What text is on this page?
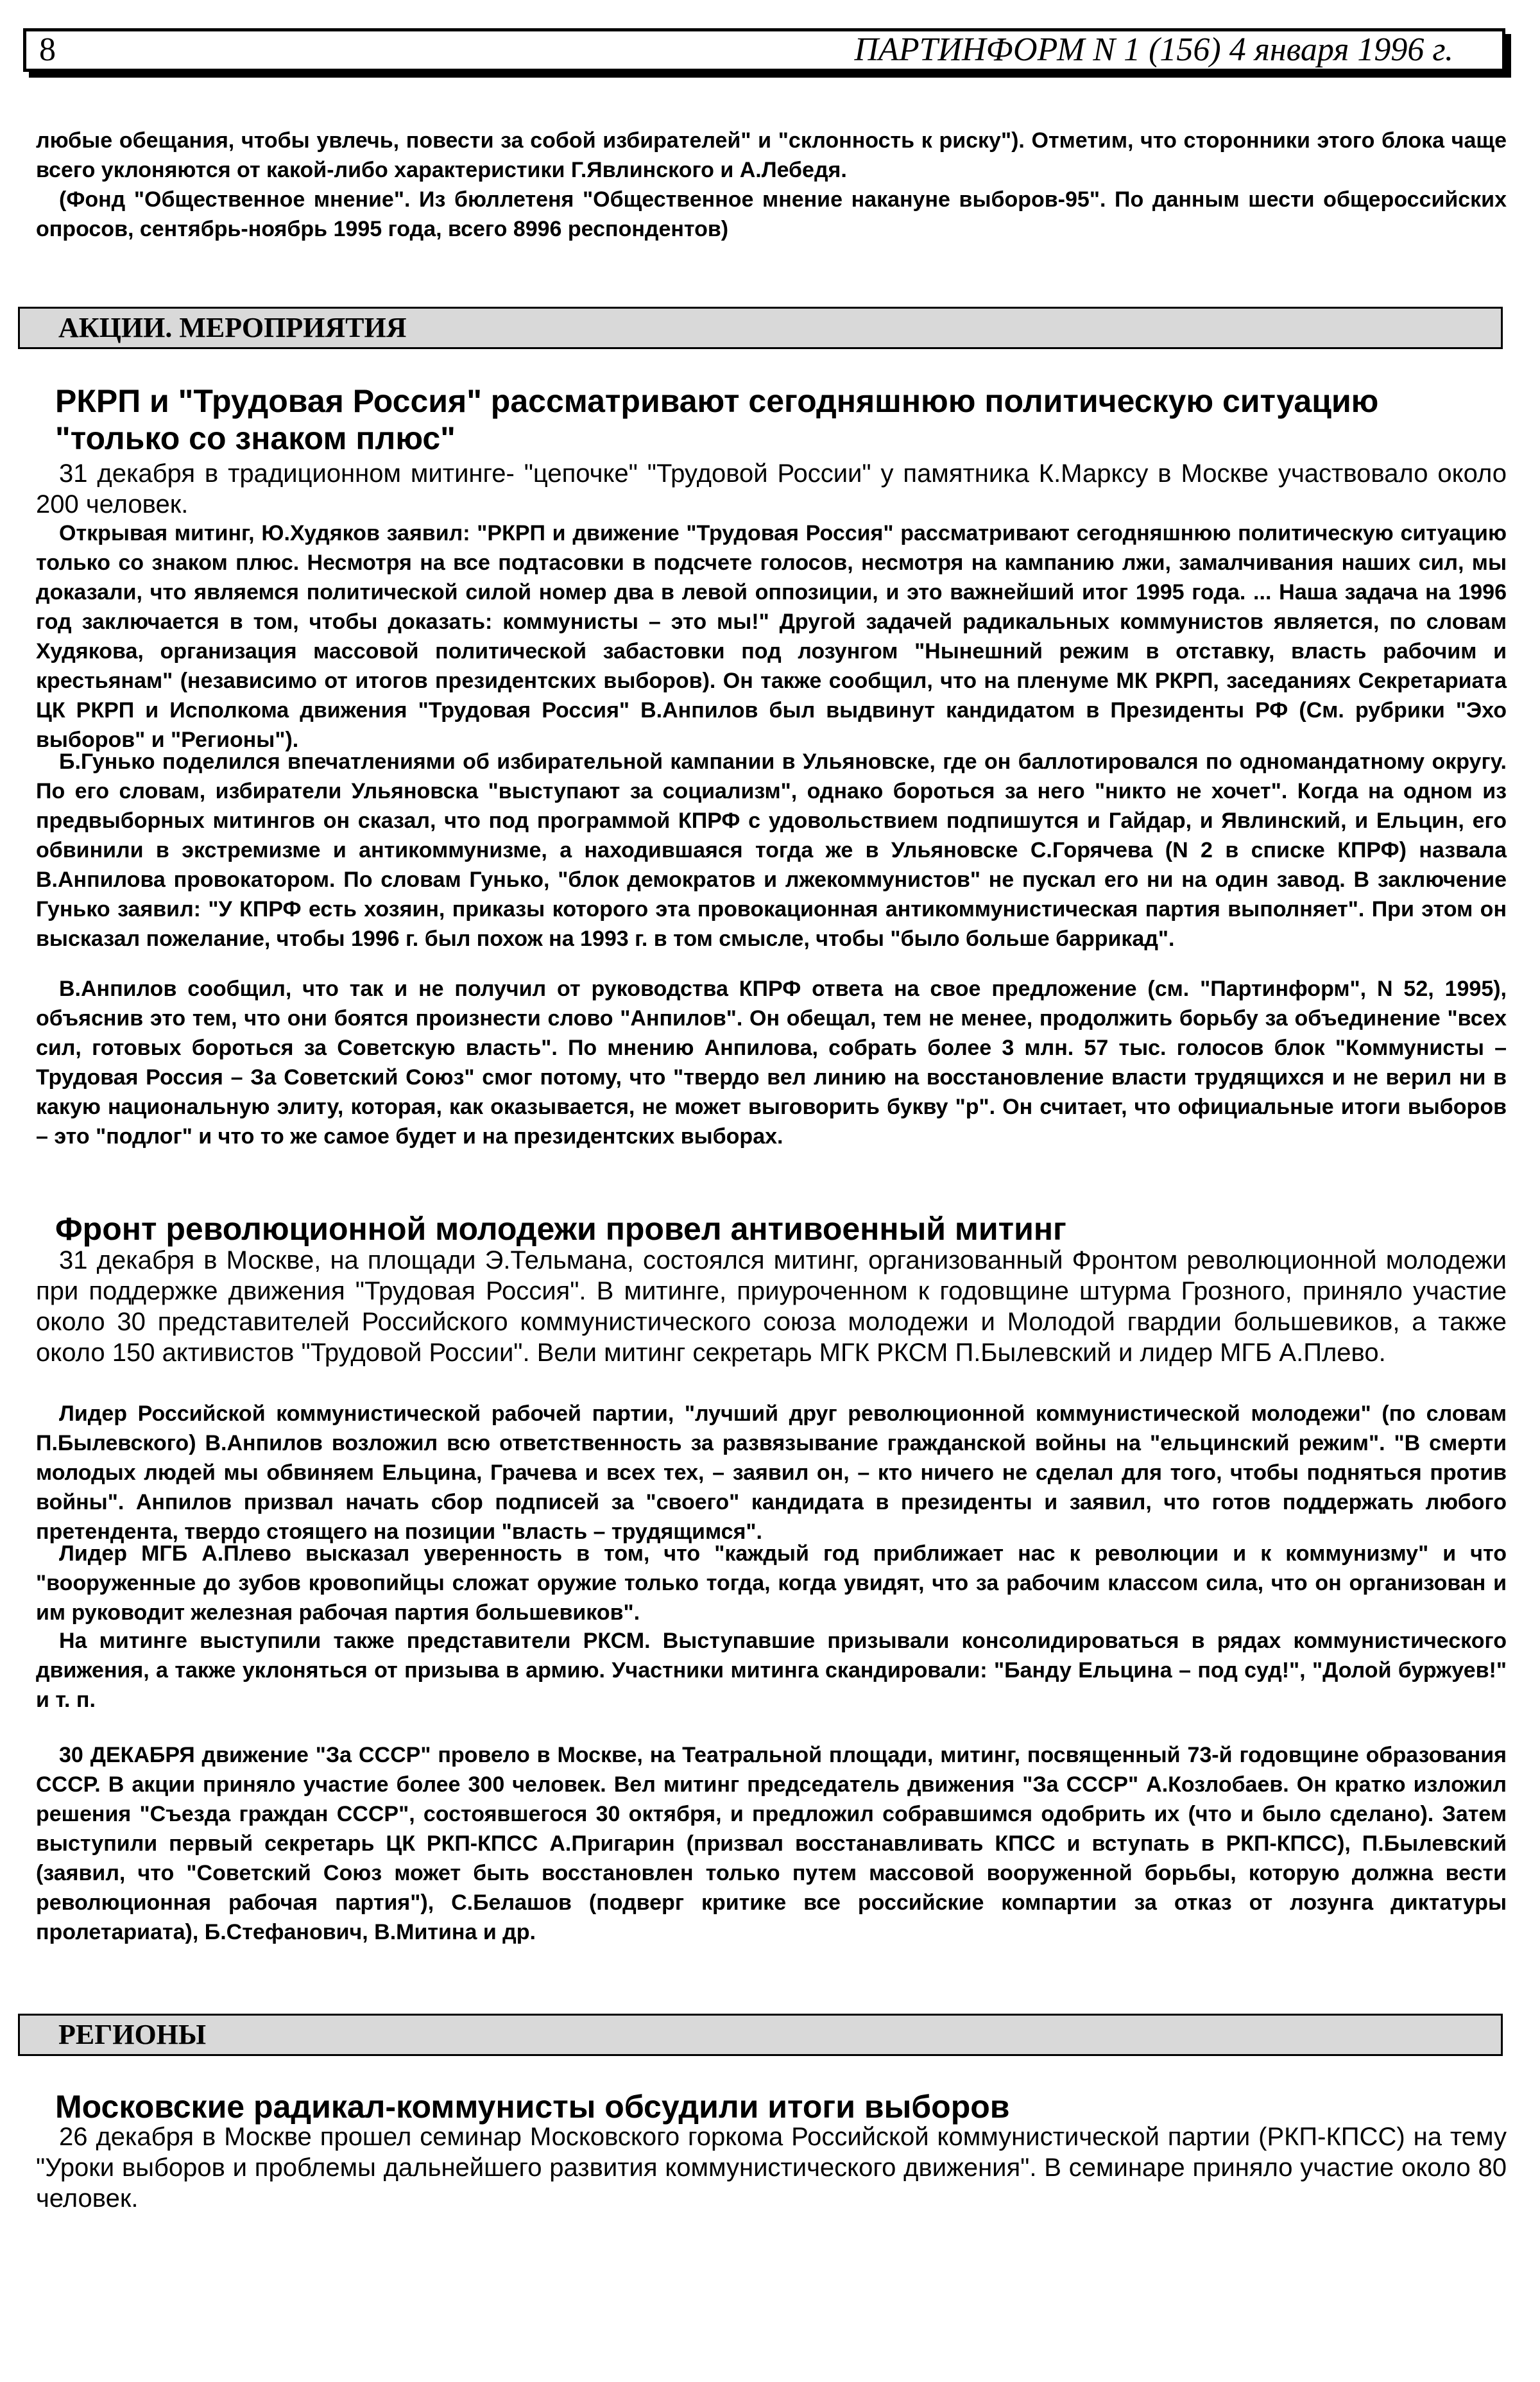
8	ПАРТИНФОРМ N 1 (156) 4 января 1996 г.

любые обещания, чтобы увлечь, повести за собой избирателей" и "склонность к риску"). Отметим, что сторонники этого блока чаще всего уклоняются от какой-либо характеристики Г.Явлинского и А.Лебедя.

(Фонд "Общественное мнение". Из бюллетеня "Общественное мнение накануне выборов-95". По данным шести общероссийских опросов, сентябрь-ноябрь 1995 года, всего 8996 респондентов)

АКЦИИ. МЕРОПРИЯТИЯ
РКРП и "Трудовая Россия" рассматривают сегодняшнюю политическую ситуацию "только со знаком плюс"

31 декабря в традиционном митинге- "цепочке" "Трудовой России" у памятника К.Марксу в Москве участвовало около 200 человек.

Открывая митинг, Ю.Худяков заявил: "РКРП и движение "Трудовая Россия" рассматривают сегодняшнюю политическую ситуацию только со знаком плюс. Несмотря на все подтасовки в подсчете голосов, несмотря на кампанию лжи, замалчивания наших сил, мы доказали, что являемся политической силой номер два в левой оппозиции, и это важнейший итог 1995 года. ... Наша задача на 1996 год заключается в том, чтобы доказать: коммунисты – это мы!" Другой задачей радикальных коммунистов является, по словам Худякова, организация массовой политической забастовки под лозунгом "Нынешний режим в отставку, власть рабочим и крестьянам" (независимо от итогов президентских выборов). Он также сообщил, что на пленуме МК РКРП, заседаниях Секретариата ЦК РКРП и Исполкома движения "Трудовая Россия" В.Анпилов был выдвинут кандидатом в Президенты РФ (См. рубрики "Эхо выборов" и "Регионы").

Б.Гунько поделился впечатлениями об избирательной кампании в Ульяновске, где он баллотировался по одномандатному округу. По его словам, избиратели Ульяновска "выступают за социализм", однако бороться за него "никто не хочет". Когда на одном из предвыборных митингов он сказал, что под программой КПРФ с удовольствием подпишутся и Гайдар, и Явлинский, и Ельцин, его обвинили в экстремизме и антикоммунизме, а находившаяся тогда же в Ульяновске С.Горячева (N 2 в списке КПРФ) назвала В.Анпилова провокатором. По словам Гунько, "блок демократов и лжекоммунистов" не пускал его ни на один завод. В заключение Гунько заявил: "У КПРФ есть хозяин, приказы которого эта провокационная антикоммунистическая партия выполняет". При этом он высказал пожелание, чтобы 1996 г. был похож на 1993 г. в том смысле, чтобы "было больше баррикад".

В.Анпилов сообщил, что так и не получил от руководства КПРФ ответа на свое предложение (см. "Партинформ", N 52, 1995), объяснив это тем, что они боятся произнести слово "Анпилов". Он обещал, тем не менее, продолжить борьбу за объединение "всех сил, готовых бороться за Советскую власть". По мнению Анпилова, собрать более 3 млн. 57 тыс. голосов блок "Коммунисты – Трудовая Россия – За Советский Союз" смог потому, что "твердо вел линию на восстановление власти трудящихся и не верил ни в какую национальную элиту, которая, как оказывается, не может выговорить букву "р". Он считает, что официальные итоги выборов – это "подлог" и что то же самое будет и на президентских выборах.

Фронт революционной молодежи провел антивоенный митинг

31 декабря в Москве, на площади Э.Тельмана, состоялся митинг, организованный Фронтом революционной молодежи при поддержке движения "Трудовая Россия". В митинге, приуроченном к годовщине штурма Грозного, приняло участие около 30 представителей Российского коммунистического союза молодежи и Молодой гвардии большевиков, а также около 150 активистов "Трудовой России". Вели митинг секретарь МГК РКСМ П.Былевский и лидер МГБ А.Плево.

Лидер Российской коммунистической рабочей партии, "лучший друг революционной коммунистической молодежи" (по словам П.Былевского) В.Анпилов возложил всю ответственность за развязывание гражданской войны на "ельцинский режим". "В смерти молодых людей мы обвиняем Ельцина, Грачева и всех тех, – заявил он, – кто ничего не сделал для того, чтобы подняться против войны". Анпилов призвал начать сбор подписей за "своего" кандидата в президенты и заявил, что готов поддержать любого претендента, твердо стоящего на позиции "власть – трудящимся".

Лидер МГБ А.Плево высказал уверенность в том, что "каждый год приближает нас к революции и к коммунизму" и что "вооруженные до зубов кровопийцы сложат оружие только тогда, когда увидят, что за рабочим классом сила, что он организован и им руководит железная рабочая партия большевиков".

На митинге выступили также представители РКСМ. Выступавшие призывали консолидироваться в рядах коммунистического движения, а также уклоняться от призыва в армию. Участники митинга скандировали: "Банду Ельцина – под суд!", "Долой буржуев!" и т. п.

30 ДЕКАБРЯ движение "За СССР" провело в Москве, на Театральной площади, митинг, посвященный 73-й годовщине образования СССР. В акции приняло участие более 300 человек. Вел митинг председатель движения "За СССР" А.Козлобаев. Он кратко изложил решения "Съезда граждан СССР", состоявшегося 30 октября, и предложил собравшимся одобрить их (что и было сделано). Затем выступили первый секретарь ЦК РКП-КПСС А.Пригарин (призвал восстанавливать КПСС и вступать в РКП-КПСС), П.Былевский (заявил, что "Советский Союз может быть восстановлен только путем массовой вооруженной борьбы, которую должна вести революционная рабочая партия"), С.Белашов (подверг критике все российские компартии за отказ от лозунга диктатуры пролетариата), Б.Стефанович, В.Митина и др.

РЕГИОНЫ
Московские радикал-коммунисты обсудили итоги выборов

26 декабря в Москве прошел семинар Московского горкома Российской коммунистической партии (РКП-КПСС) на тему "Уроки выборов и проблемы дальнейшего развития коммунистического движения". В семинаре приняло участие около 80 человек.
